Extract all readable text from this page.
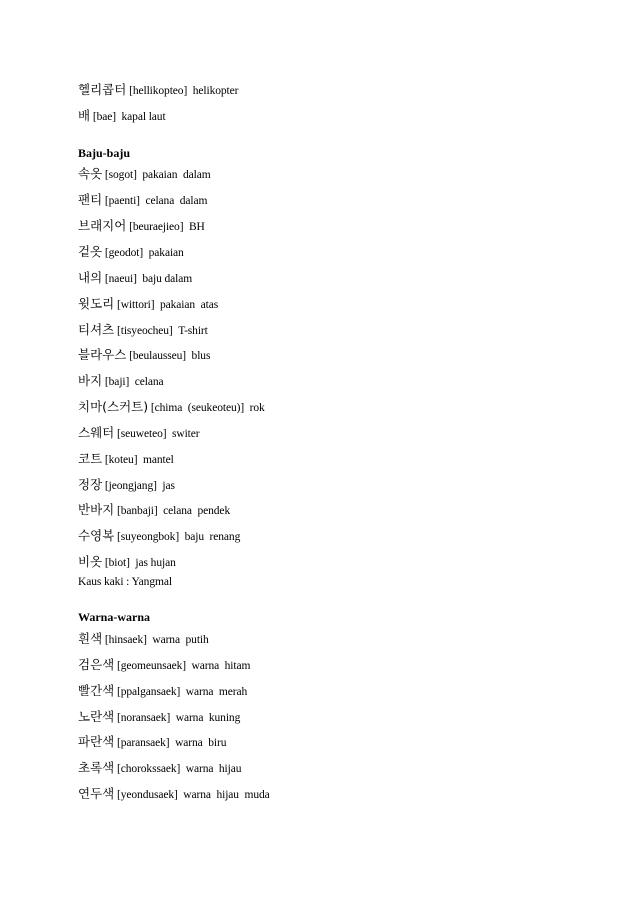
헬리콥터 [hellikopteo]  helikopter
배 [bae]  kapal laut
Baju-baju
속옷 [sogot]  pakaian  dalam
팬티 [paenti]  celana  dalam
브래지어 [beuraejieo]  BH
겉옷 [geodot]  pakaian
내의 [naeui]  baju dalam
윗도리 [wittori]  pakaian  atas
티셔츠 [tisyeocheu]  T-shirt
블라우스 [beulausseu]  blus
바지 [baji]  celana
치마(스커트) [chima  (seukeoteu)]  rok
스웨터 [seuweteo]  switer
코트 [koteu]  mantel
정장 [jeongjang]  jas
반바지 [banbaji]  celana  pendek
수영복 [suyeongbok]  baju  renang
비옷 [biot]  jas hujan
Kaus kaki : Yangmal
Warna-warna
흰색 [hinsaek]  warna  putih
검은색 [geomeunsaek]  warna  hitam
빨간색 [ppalgansaek]  warna  merah
노란색 [noransaek]  warna  kuning
파란색 [paransaek]  warna  biru
초록색 [chorokssaek]  warna  hijau
연두색 [yeondusaek]  warna  hijau  muda
